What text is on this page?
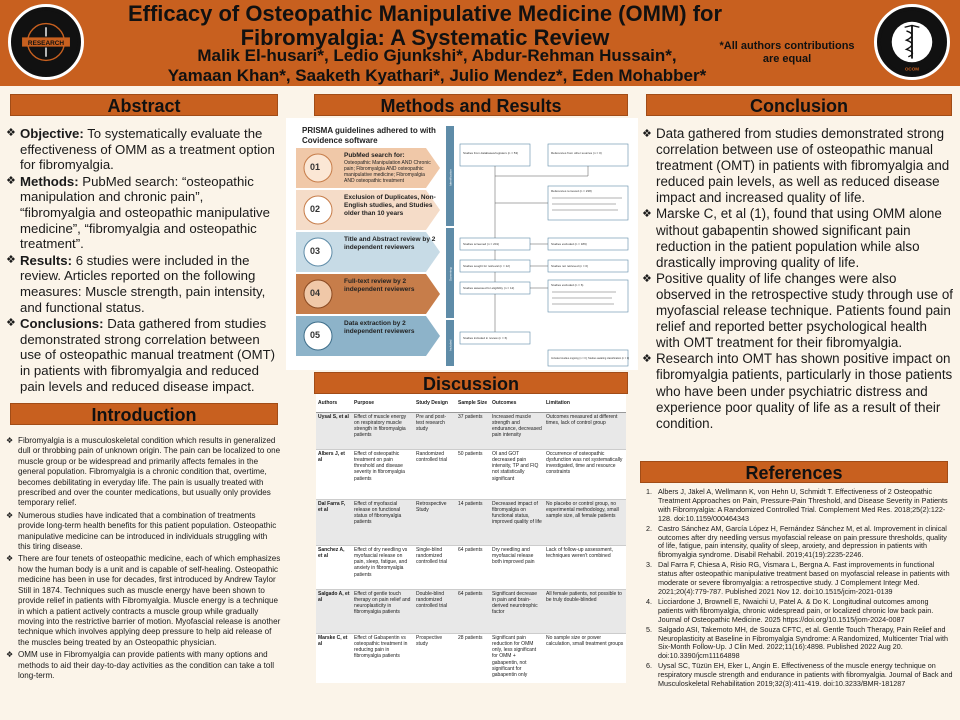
RESEARCH
Efficacy of Osteopathic Manipulative Medicine (OMM) for Fibromyalgia: A Systematic Review
Malik El-husari*, Ledio Gjunkshi*, Abdur-Rehman Hussain*,
Yamaan Khan*, Saaketh Kyathari*, Julio Mendez*, Eden Mohabber*
*All authors contributions are equal
OCOM
Abstract	Methods and Results	Conclusion
Introduction
Discussion
References
❖ Objective: To systematically evaluate the effectiveness of OMM as a treatment option for fibromyalgia.
❖ Methods: PubMed search: “osteopathic manipulation and chronic pain”, “fibromyalgia and osteopathic manipulative medicine”, “fibromyalgia and osteopathic treatment”.
❖ Results: 6 studies were included in the review. Articles reported on the following measures: Muscle strength, pain intensity, and functional status.
❖ Conclusions: Data gathered from studies demonstrated strong correlation between use of osteopathic manual treatment (OMT) in patients with fibromyalgia and reduced pain levels and reduced disease impact.
❖ Fibromyalgia is a musculoskeletal condition which results in generalized dull or throbbing pain of unknown origin. The pain can be localized to one muscle group or be widespread and primarily affects females in the general population. Fibromyalgia is a chronic condition that, overtime, becomes debilitating in everyday life. The pain is usually treated with prescribed and over the counter medications, but usually only provides temporary relief.
❖ Numerous studies have indicated that a combination of treatments provide long-term health benefits for this patient population. Osteopathic manipulative medicine can be introduced in individuals struggling with this tiring disease.
❖ There are four tenets of osteopathic medicine, each of which emphasizes how the human body is a unit and is capable of self-healing. Osteopathic medicine has been in use for decades, first introduced by Andrew Taylor Still in 1874. Techniques such as muscle energy have been shown to provide relief in patients with Fibromyalgia. Muscle energy is a technique in which a patient actively contracts a muscle group while gradually moving into the restrictive barrier of motion. Myofascial release is another technique which involves applying deep pressure to help aid release of the muscles being treated by an Osteopathic physician.
❖ OMM use in Fibromyalgia can provide patients with many options and methods to aid their day-to-day activities as the condition can take a toll long-term.
PRISMA guidelines adhered to with Covidence software
01
PubMed search for:
Osteopathic Manipulation AND Chronic pain; Fibromyalgia AND osteopathic manipulative medicine; Fibromyalgia AND osteopathic treatment
02
Exclusion of Duplicates, Non-English studies, and Studies older than 10 years
03
Title and Abstract review by 2 independent reviewers
04
Full-text review by 2 independent reviewers
05
Data extraction by 2 independent reviewers
Identification
Screening
Included
Studies from databases/registers (n = 53)	References from other sources (n = 0)
References removed (n = 238)
Studies screened (n = 201)	Studies excluded (n = 189)
Studies sought for retrieval (n = 12)	Studies not retrieved (n = 0)
Studies assessed for eligibility (n = 12)
Studies excluded (n = 6)
Studies included in review (n = 6)
Included studies ongoing (n = 0); Studies awaiting classification (n = 0)
Authors	Purpose	Study Design	Sample Size	Outcomes	Limitation
Uysal S, et al	Effect of muscle energy on respiratory muscle strength in fibromyalgia patients	Pre and post-test research study	37 patients	Increased muscle strength and endurance, decreased pain intensity	Outcomes measured at different times, lack of control group
Albers J, et al	Effect of osteopathic treatment on pain threshold and disease severity in fibromyalgia patients	Randomized controlled trial	50 patients	OI and GOT decreased pain intensity, TP and FIQ not statistically significant	Occurrence of osteopathic dysfunction was not systematically investigated, time and resource constraints
Dal Farra F, et al	Effect of myofascial release on functional status of fibromyalgia patients	Retrospective Study	14 patients	Decreased impact of fibromyalgia on functional status, improved quality of life	No placebo or control group, no experimental methodology, small sample size, all female patients
Sanchez A, et al	Effect of dry needling vs myofascial release on pain, sleep, fatigue, and anxiety in fibromyalgia patients	Single-blind randomized controlled trial	64 patients	Dry needling and myofascial release both improved pain	Lack of follow-up assessment, techniques weren't combined
Salgado A, et al	Effect of gentle touch therapy on pain relief and neuroplasticity in fibromyalgia patients	Double-blind randomized controlled trial	64 patients	Significant decrease in pain and brain-derived neurotrophic factor	All female patients, not possible to be truly double-blinded
Marske C, et al	Effect of Gabapentin vs osteopathic treatment in reducing pain in fibromyalgia patients	Prospective study	28 patients	Significant pain reduction for OMM only, less significant for OMM + gabapentin, not significant for gabapentin only	No sample size or power calculation, small treatment groups
❖ Data gathered from studies demonstrated strong correlation between use of osteopathic manual treatment (OMT) in patients with fibromyalgia and reduced pain levels, as well as reduced disease impact and increased quality of life.
❖ Marske C, et al (1), found that using OMM alone without gabapentin showed significant pain reduction in the patient population while also drastically improving quality of life.
❖ Positive quality of life changes were also observed in the retrospective study through use of myofascial release technique. Patients found pain relief and reported better psychological health with OMT treatment for their fibromyalgia.
❖ Research into OMT has shown positive impact on fibromyalgia patients, particularly in those patients who have been under psychiatric distress and experience poor quality of life as a result of their condition.
1. Albers J, Jäkel A, Wellmann K, von Hehn U, Schmidt T. Effectiveness of 2 Osteopathic Treatment Approaches on Pain, Pressure-Pain Threshold, and Disease Severity in Patients with Fibromyalgia: A Randomized Controlled Trial. Complement Med Res. 2018;25(2):122-128. doi:10.1159/000464343
2. Castro Sánchez AM, García López H, Fernández Sánchez M, et al. Improvement in clinical outcomes after dry needling versus myofascial release on pain pressure thresholds, quality of life, fatigue, pain intensity, quality of sleep, anxiety, and depression in patients with fibromyalgia syndrome. Disabil Rehabil. 2019;41(19):2235-2246.
3. Dal Farra F, Chiesa A, Risio RG, Vismara L, Bergna A. Fast improvements in functional status after osteopathic manipulative treatment based on myofascial release in patients with moderate or severe fibromyalgia: a retrospective study. J Complement Integr Med. 2021;20(4):779-787. Published 2021 Nov 12. doi:10.1515/jcim-2021-0139
4. Licciardone J, Brownell E, Nwaichi U, Patel A. & Do K. Longitudinal outcomes among patients with fibromyalgia, chronic widespread pain, or localized chronic low back pain. Journal of Osteopathic Medicine. 2025 https://doi.org/10.1515/jom-2024-0087
5. Salgado ASI, Takemoto MH, de Souza CFTC, et al. Gentle Touch Therapy, Pain Relief and Neuroplasticity at Baseline in Fibromyalgia Syndrome: A Randomized, Multicenter Trial with Six-Month Follow-Up. J Clin Med. 2022;11(16):4898. Published 2022 Aug 20. doi:10.3390/jcm11164898
6. Uysal SC, Tüzün EH, Eker L, Angin E. Effectiveness of the muscle energy technique on respiratory muscle strength and endurance in patients with fibromyalgia. Journal of Back and Musculoskeletal Rehabilitation 2019;32(3):411-419. doi:10.3233/BMR-181287
